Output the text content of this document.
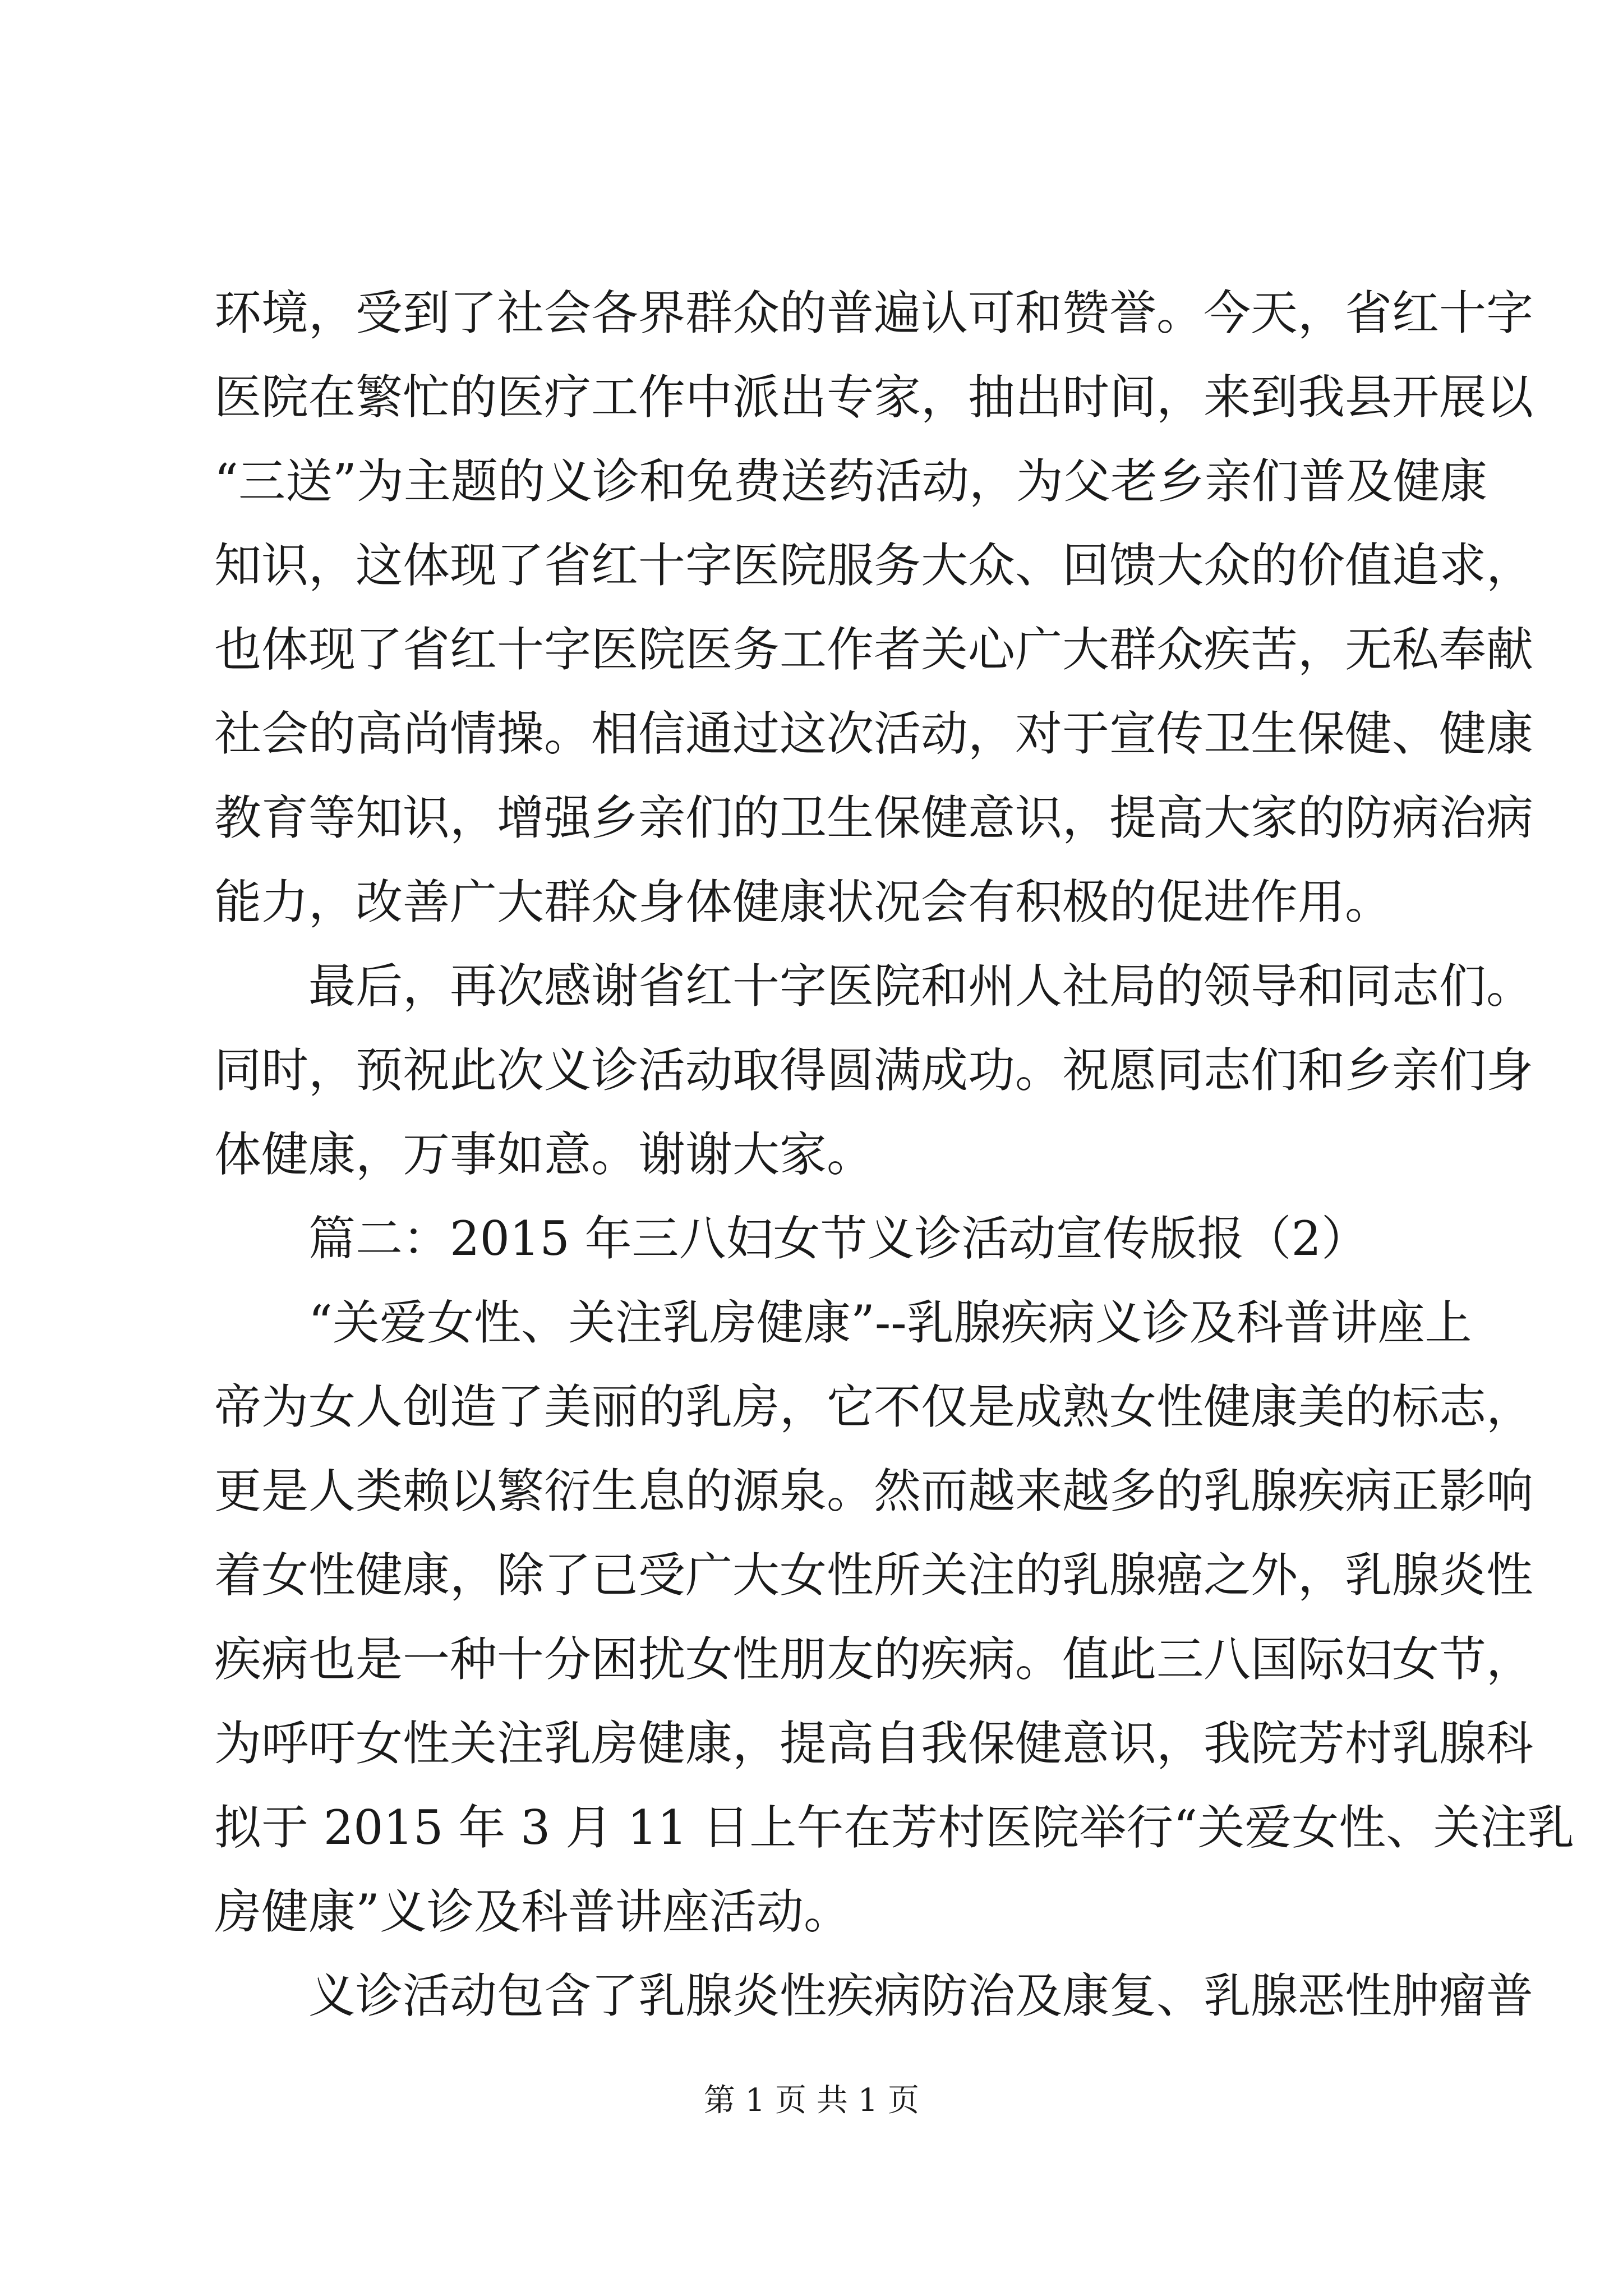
环境，受到了社会各界群众的普遍认可和赞誉。今天，省红十字
医院在繁忙的医疗工作中派出专家，抽出时间，来到我县开展以
“三送”为主题的义诊和免费送药活动，为父老乡亲们普及健康
知识，这体现了省红十字医院服务大众、回馈大众的价值追求，
也体现了省红十字医院医务工作者关心广大群众疾苦，无私奉献
社会的高尚情操。相信通过这次活动，对于宣传卫生保健、健康
教育等知识，增强乡亲们的卫生保健意识，提高大家的防病治病
能力，改善广大群众身体健康状况会有积极的促进作用。
　　最后，再次感谢省红十字医院和州人社局的领导和同志们。
同时，预祝此次义诊活动取得圆满成功。祝愿同志们和乡亲们身
体健康，万事如意。谢谢大家。
　　篇二：2015 年三八妇女节义诊活动宣传版报（2）
　　“关爱女性、关注乳房健康”--乳腺疾病义诊及科普讲座上
帝为女人创造了美丽的乳房，它不仅是成熟女性健康美的标志，
更是人类赖以繁衍生息的源泉。然而越来越多的乳腺疾病正影响
着女性健康，除了已受广大女性所关注的乳腺癌之外，乳腺炎性
疾病也是一种十分困扰女性朋友的疾病。值此三八国际妇女节，
为呼吁女性关注乳房健康，提高自我保健意识，我院芳村乳腺科
拟于 2015 年 3 月 11 日上午在芳村医院举行“关爱女性、关注乳
房健康”义诊及科普讲座活动。
　　义诊活动包含了乳腺炎性疾病防治及康复、乳腺恶性肿瘤普
第 1 页 共 1 页
